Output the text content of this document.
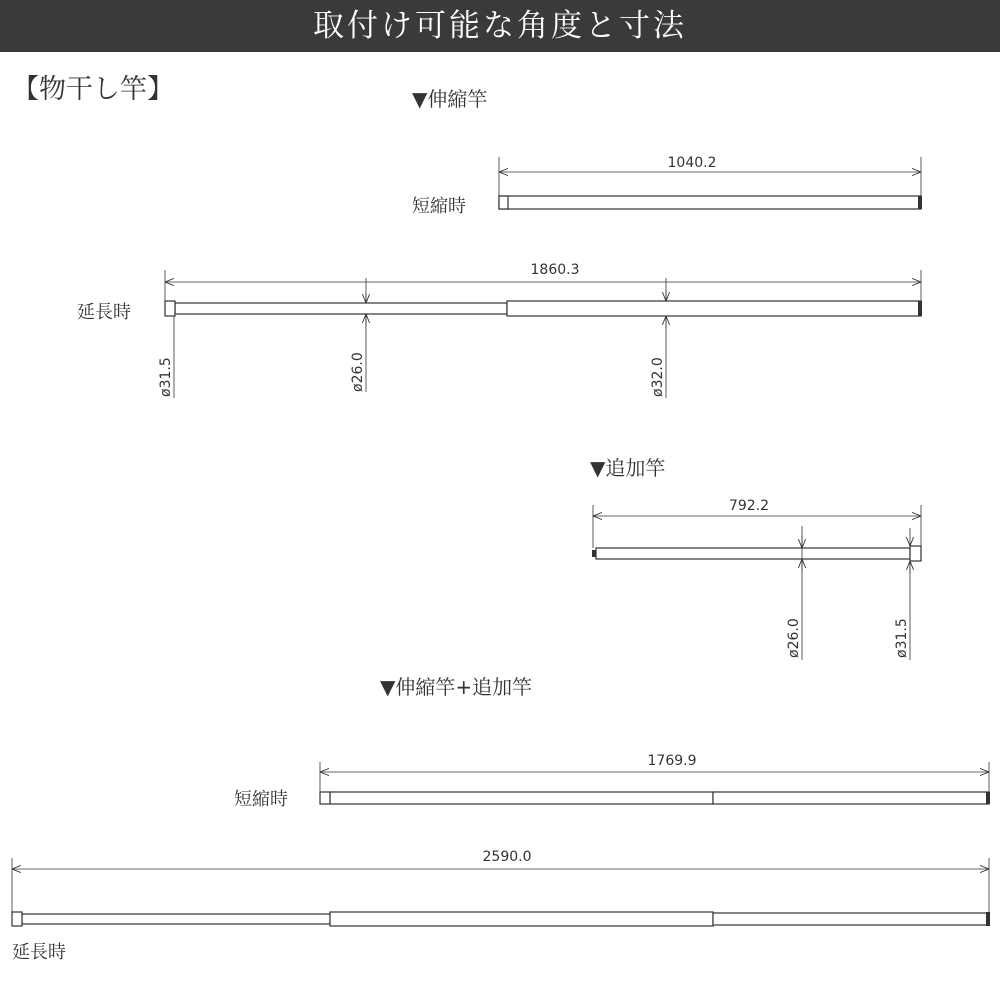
取付け可能な角度と寸法
【物干し竿】	▼伸縮竿
1040.2
短縮時
1860.3
延長時
ø31.5	ø26.0	ø32.0
▼追加竿
792.2
ø26.0	ø31.5
▼伸縮竿+追加竿
1769.9
短縮時
2590.0
延長時
